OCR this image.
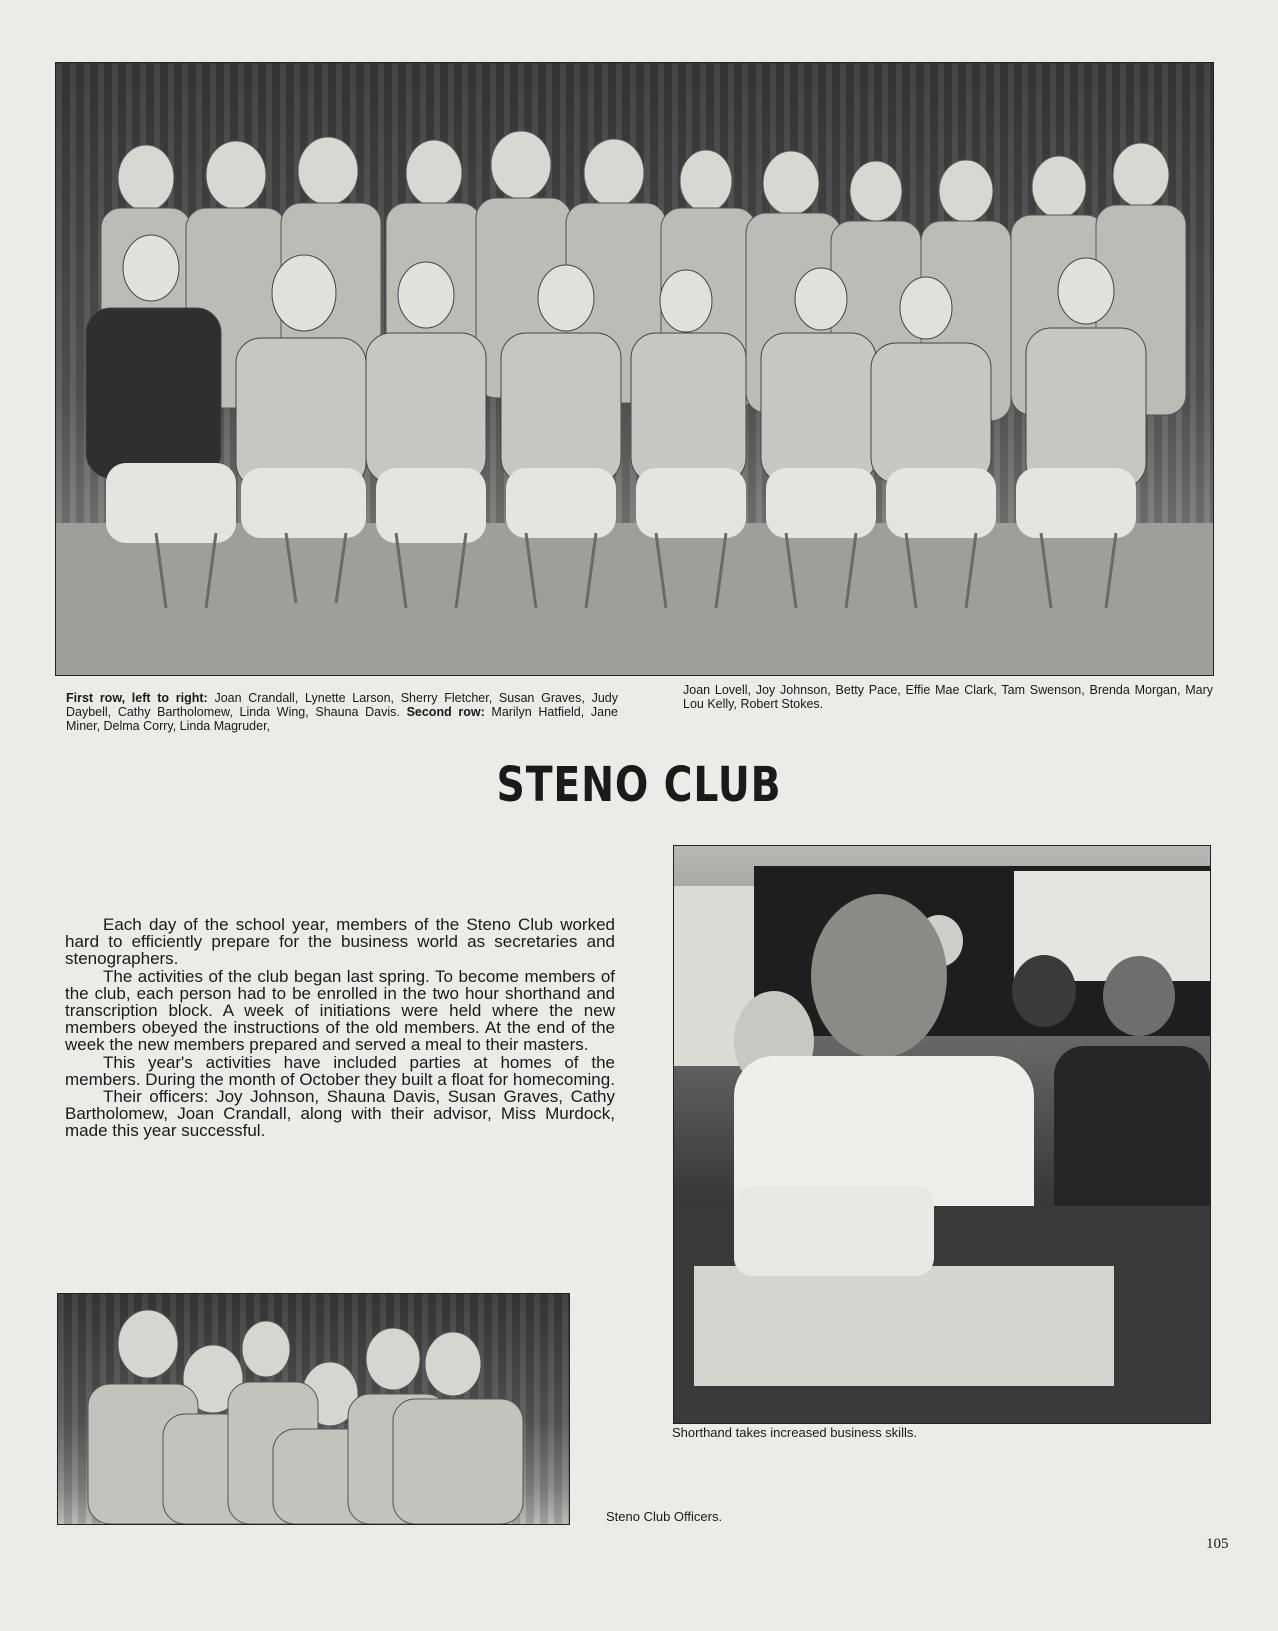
First row, left to right: Joan Crandall, Lynette Larson, Sherry Fletcher, Susan Graves, Judy Daybell, Cathy Bartholomew, Linda Wing, Shauna Davis. Second row: Marilyn Hatfield, Jane Miner, Delma Corry, Linda Magruder,
Joan Lovell, Joy Johnson, Betty Pace, Effie Mae Clark, Tam Swenson, Brenda Morgan, Mary Lou Kelly, Robert Stokes.
STENO CLUB

Each day of the school year, members of the Steno Club worked hard to efficiently prepare for the business world as secretaries and stenographers.

The activities of the club began last spring. To become members of the club, each person had to be enrolled in the two hour shorthand and transcription block. A week of initiations were held where the new members obeyed the instructions of the old members. At the end of the week the new members prepared and served a meal to their masters.

This year's activities have included parties at homes of the members. During the month of October they built a float for homecoming.

Their officers: Joy Johnson, Shauna Davis, Susan Graves, Cathy Bartholomew, Joan Crandall, along with their advisor, Miss Murdock, made this year successful.

Shorthand takes increased business skills.
Steno Club Officers.
105
